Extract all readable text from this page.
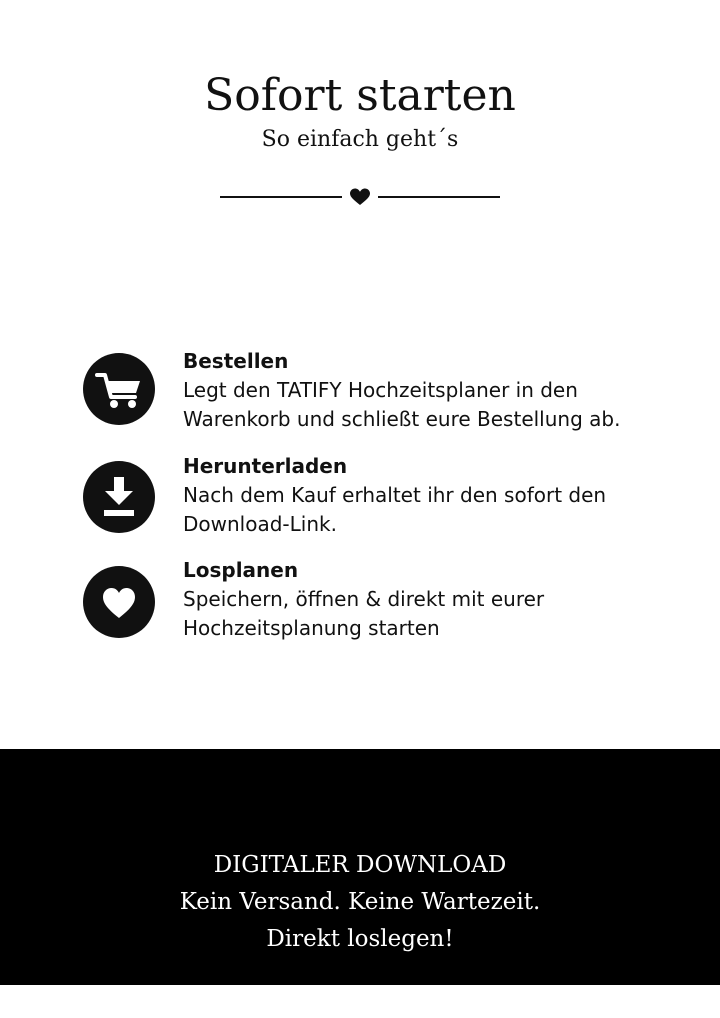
Sofort starten

So einfach geht´s

Bestellen

Legt den TATIFY Hochzeitsplaner in den
Warenkorb und schließt eure Bestellung ab.

Herunterladen

Nach dem Kauf erhaltet ihr den sofort den
Download-Link.

Losplanen

Speichern, öffnen & direkt mit eurer
Hochzeitsplanung starten

DIGITALER DOWNLOAD

Kein Versand. Keine Wartezeit.

Direkt loslegen!
